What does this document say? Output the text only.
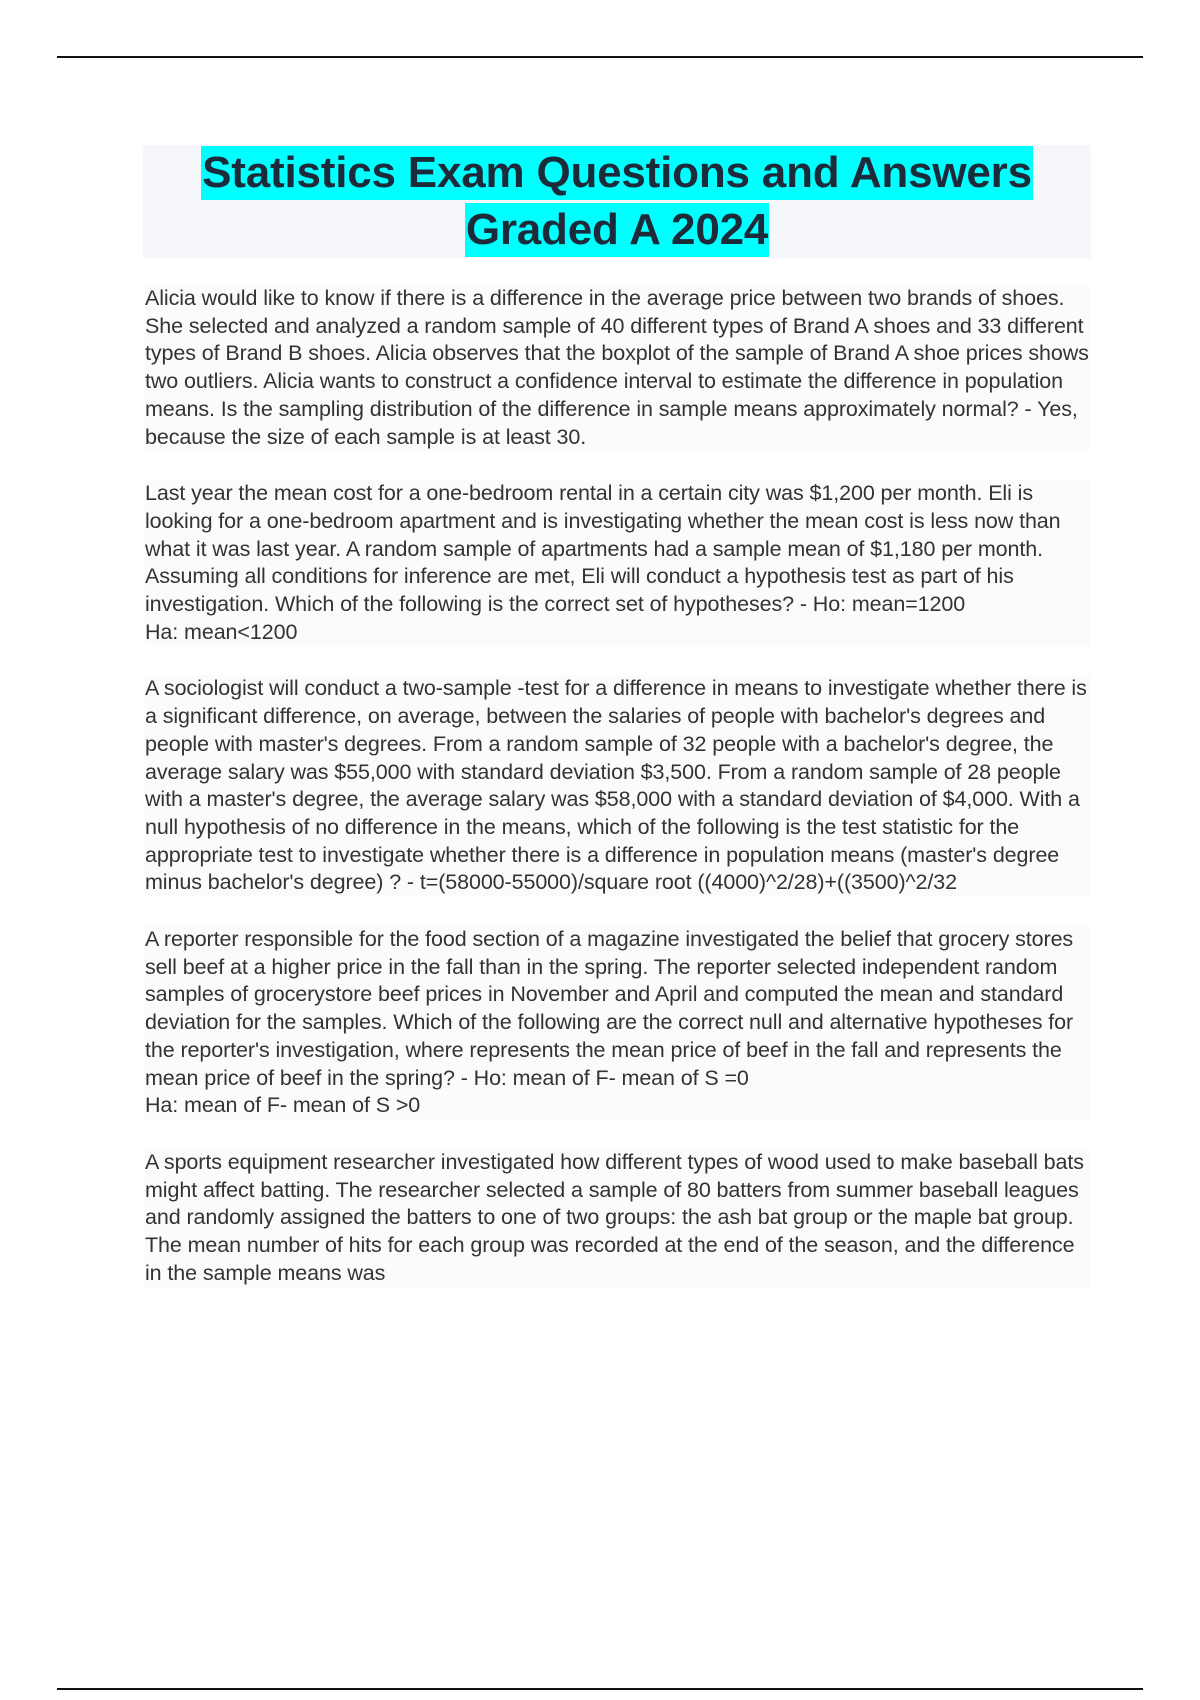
Statistics Exam Questions and Answers
Graded A 2024

Alicia would like to know if there is a difference in the average price between two brands of shoes. She selected and analyzed a random sample of 40 different types of Brand A shoes and 33 different types of Brand B shoes. Alicia observes that the boxplot of the sample of Brand A shoe prices shows two outliers. Alicia wants to construct a confidence interval to estimate the difference in population means. Is the sampling distribution of the difference in sample means approximately normal? - Yes, because the size of each sample is at least 30.

Last year the mean cost for a one-bedroom rental in a certain city was $1,200 per month. Eli is looking for a one-bedroom apartment and is investigating whether the mean cost is less now than what it was last year. A random sample of apartments had a sample mean of $1,180 per month. Assuming all conditions for inference are met, Eli will conduct a hypothesis test as part of his investigation. Which of the following is the correct set of hypotheses? - Ho: mean=1200
Ha: mean<1200

A sociologist will conduct a two-sample -test for a difference in means to investigate whether there is a significant difference, on average, between the salaries of people with bachelor's degrees and people with master's degrees. From a random sample of 32 people with a bachelor's degree, the average salary was $55,000 with standard deviation $3,500. From a random sample of 28 people with a master's degree, the average salary was $58,000 with a standard deviation of $4,000. With a null hypothesis of no difference in the means, which of the following is the test statistic for the appropriate test to investigate whether there is a difference in population means (master's degree minus bachelor's degree) ? - t=(58000-55000)/square root ((4000)^2/28)+((3500)^2/32

A reporter responsible for the food section of a magazine investigated the belief that grocery stores sell beef at a higher price in the fall than in the spring. The reporter selected independent random samples of grocerystore beef prices in November and April and computed the mean and standard deviation for the samples. Which of the following are the correct null and alternative hypotheses for the reporter's investigation, where represents the mean price of beef in the fall and represents the mean price of beef in the spring? - Ho: mean of F- mean of S =0
Ha: mean of F- mean of S >0

A sports equipment researcher investigated how different types of wood used to make baseball bats might affect batting. The researcher selected a sample of 80 batters from summer baseball leagues and randomly assigned the batters to one of two groups: the ash bat group or the maple bat group. The mean number of hits for each group was recorded at the end of the season, and the difference in the sample means was
